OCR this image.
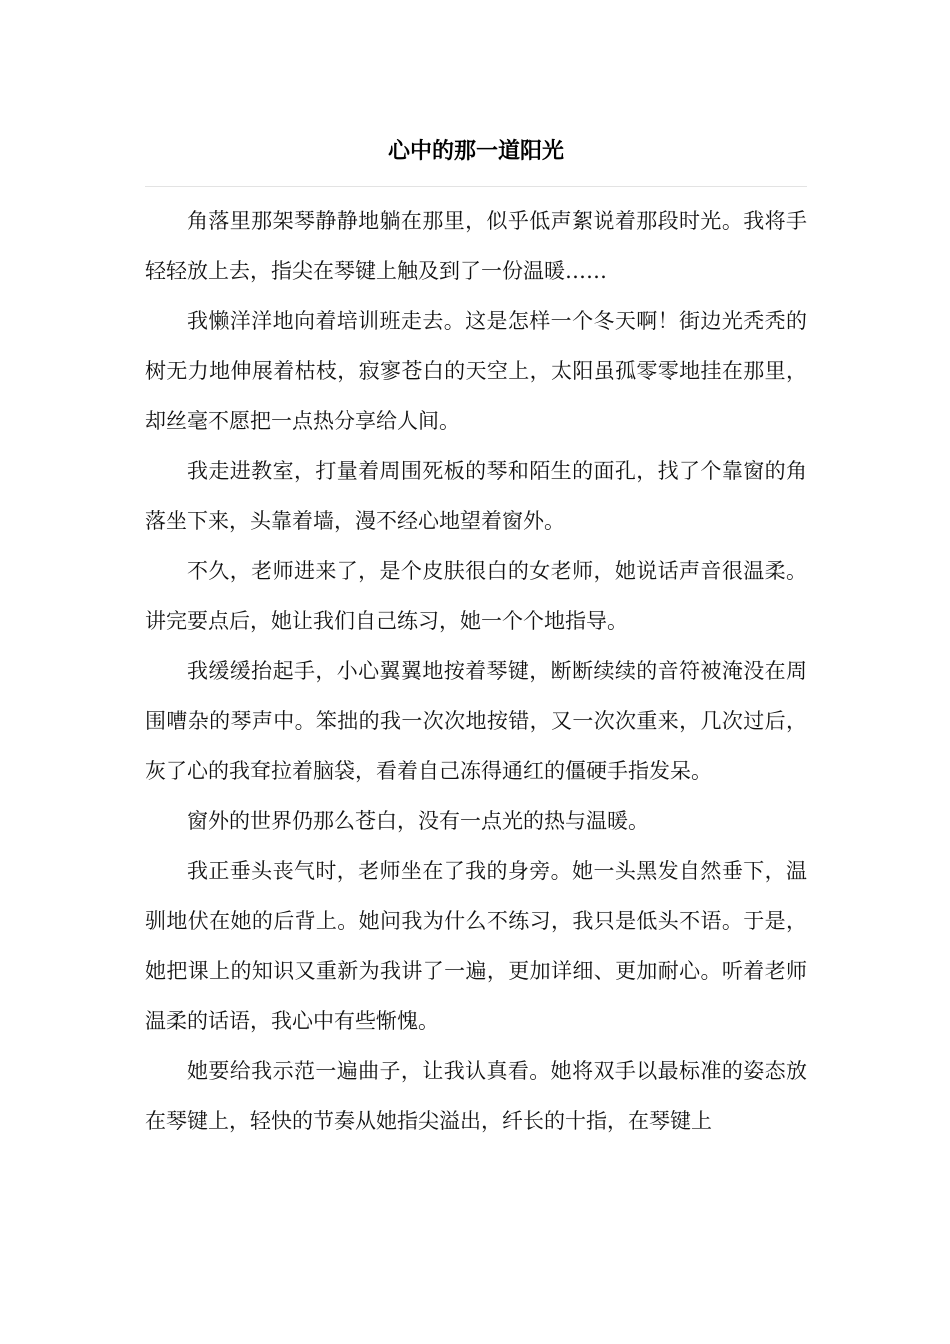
心中的那一道阳光

角落里那架琴静静地躺在那里，似乎低声絮说着那段时光。我将手轻轻放上去，指尖在琴键上触及到了一份温暖……

我懒洋洋地向着培训班走去。这是怎样一个冬天啊！街边光秃秃的树无力地伸展着枯枝，寂寥苍白的天空上，太阳虽孤零零地挂在那里，却丝毫不愿把一点热分享给人间。

我走进教室，打量着周围死板的琴和陌生的面孔，找了个靠窗的角落坐下来，头靠着墙，漫不经心地望着窗外。

不久，老师进来了，是个皮肤很白的女老师，她说话声音很温柔。讲完要点后，她让我们自己练习，她一个个地指导。

我缓缓抬起手，小心翼翼地按着琴键，断断续续的音符被淹没在周围嘈杂的琴声中。笨拙的我一次次地按错，又一次次重来，几次过后，灰了心的我耷拉着脑袋，看着自己冻得通红的僵硬手指发呆。

窗外的世界仍那么苍白，没有一点光的热与温暖。

我正垂头丧气时，老师坐在了我的身旁。她一头黑发自然垂下，温驯地伏在她的后背上。她问我为什么不练习，我只是低头不语。于是，她把课上的知识又重新为我讲了一遍，更加详细、更加耐心。听着老师温柔的话语，我心中有些惭愧。

她要给我示范一遍曲子，让我认真看。她将双手以最标准的姿态放在琴键上，轻快的节奏从她指尖溢出，纤长的十指，在琴键上
